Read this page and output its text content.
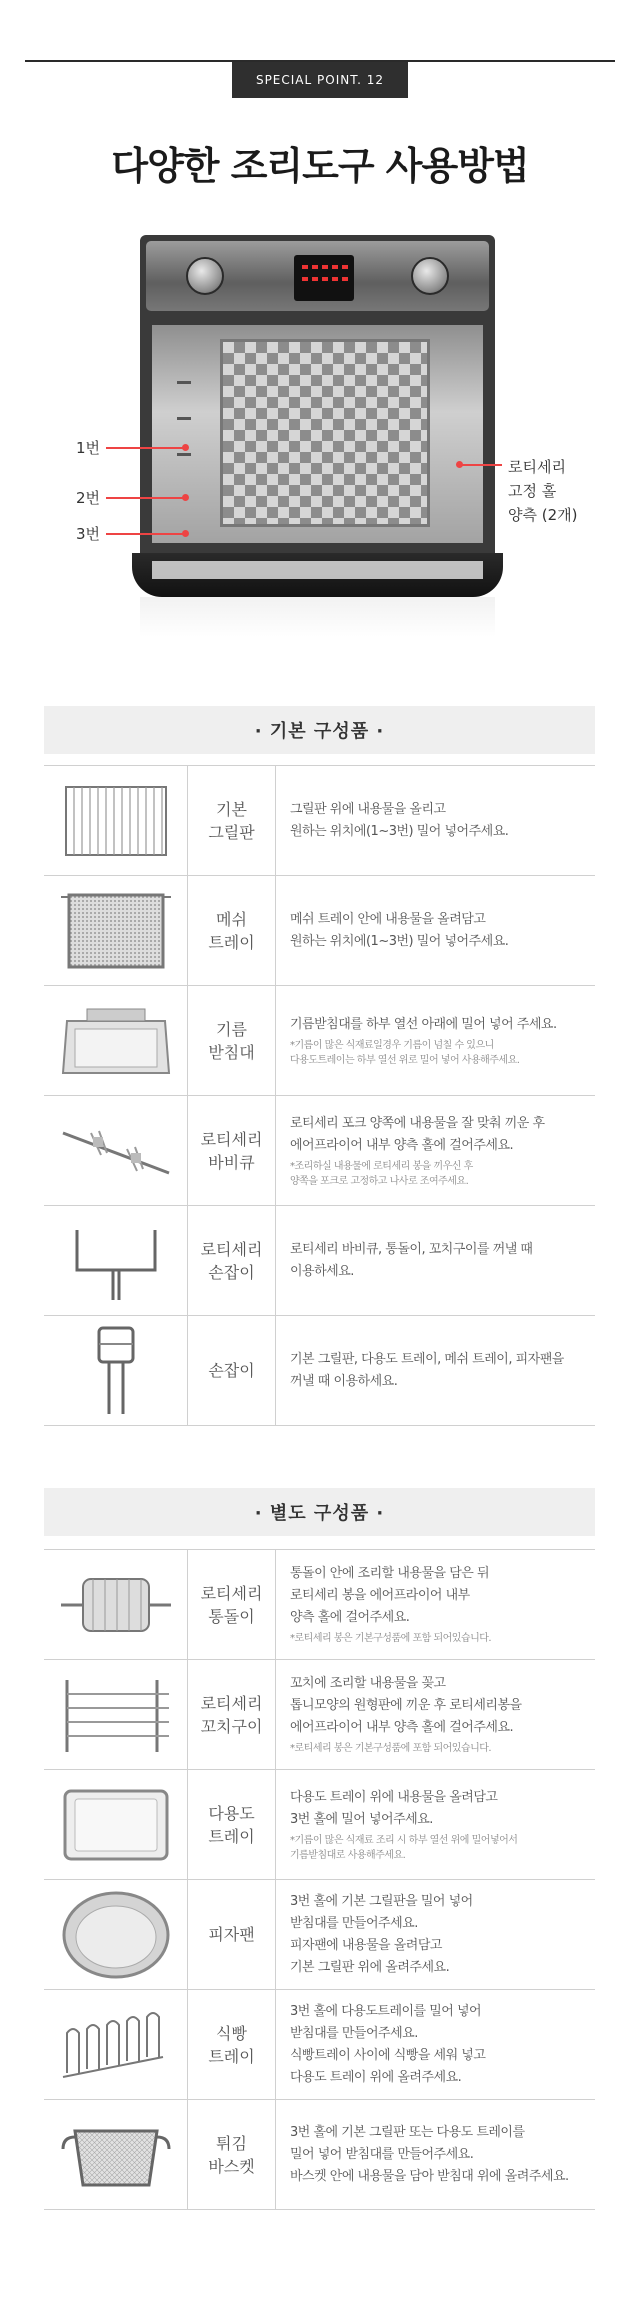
SPECIAL POINT. 12
다양한 조리도구 사용방법
1번
2번
3번
로티세리
고정 홀
양측 (2개)
· 기본 구성품 ·
기본
그릴판
그릴판 위에 내용물을 올리고
원하는 위치에(1~3번) 밀어 넣어주세요.
메쉬
트레이
메쉬 트레이 안에 내용물을 올려담고
원하는 위치에(1~3번) 밀어 넣어주세요.
기름
받침대
기름받침대를 하부 열선 아래에 밀어 넣어 주세요.
*기름이 많은 식재료일경우 기름이 넘칠 수 있으니
다용도트레이는 하부 열선 위로 밀어 넣어 사용해주세요.
로티세리
바비큐
로티세리 포크 양쪽에 내용물을 잘 맞춰 끼운 후
에어프라이어 내부 양측 홀에 걸어주세요.
*조리하실 내용물에 로티세리 봉을 끼우신 후
양쪽을 포크로 고정하고 나사로 조여주세요.
로티세리
손잡이
로티세리 바비큐, 통돌이, 꼬치구이를 꺼낼 때
이용하세요.
손잡이
기본 그릴판, 다용도 트레이, 메쉬 트레이, 피자팬을
꺼낼 때 이용하세요.
· 별도 구성품 ·
로티세리
통돌이
통돌이 안에 조리할 내용물을 담은 뒤
로티세리 봉을 에어프라이어 내부
양측 홀에 걸어주세요.
*로티세리 봉은 기본구성품에 포함 되어있습니다.
로티세리
꼬치구이
꼬치에 조리할 내용물을 꽂고
톱니모양의 원형판에 끼운 후 로티세리봉을
에어프라이어 내부 양측 홀에 걸어주세요.
*로티세리 봉은 기본구성품에 포함 되어있습니다.
다용도
트레이
다용도 트레이 위에 내용물을 올려담고
3번 홀에 밀어 넣어주세요.
*기름이 많은 식재료 조리 시 하부 열선 위에 밀어넣어서
기름받침대로 사용해주세요.
피자팬
3번 홀에 기본 그릴판을 밀어 넣어
받침대를 만들어주세요.
피자팬에 내용물을 올려담고
기본 그릴판 위에 올려주세요.
식빵
트레이
3번 홀에 다용도트레이를 밀어 넣어
받침대를 만들어주세요.
식빵트레이 사이에 식빵을 세워 넣고
다용도 트레이 위에 올려주세요.
튀김
바스켓
3번 홀에 기본 그릴판 또는 다용도 트레이를
밀어 넣어 받침대를 만들어주세요.
바스켓 안에 내용물을 담아 받침대 위에 올려주세요.
